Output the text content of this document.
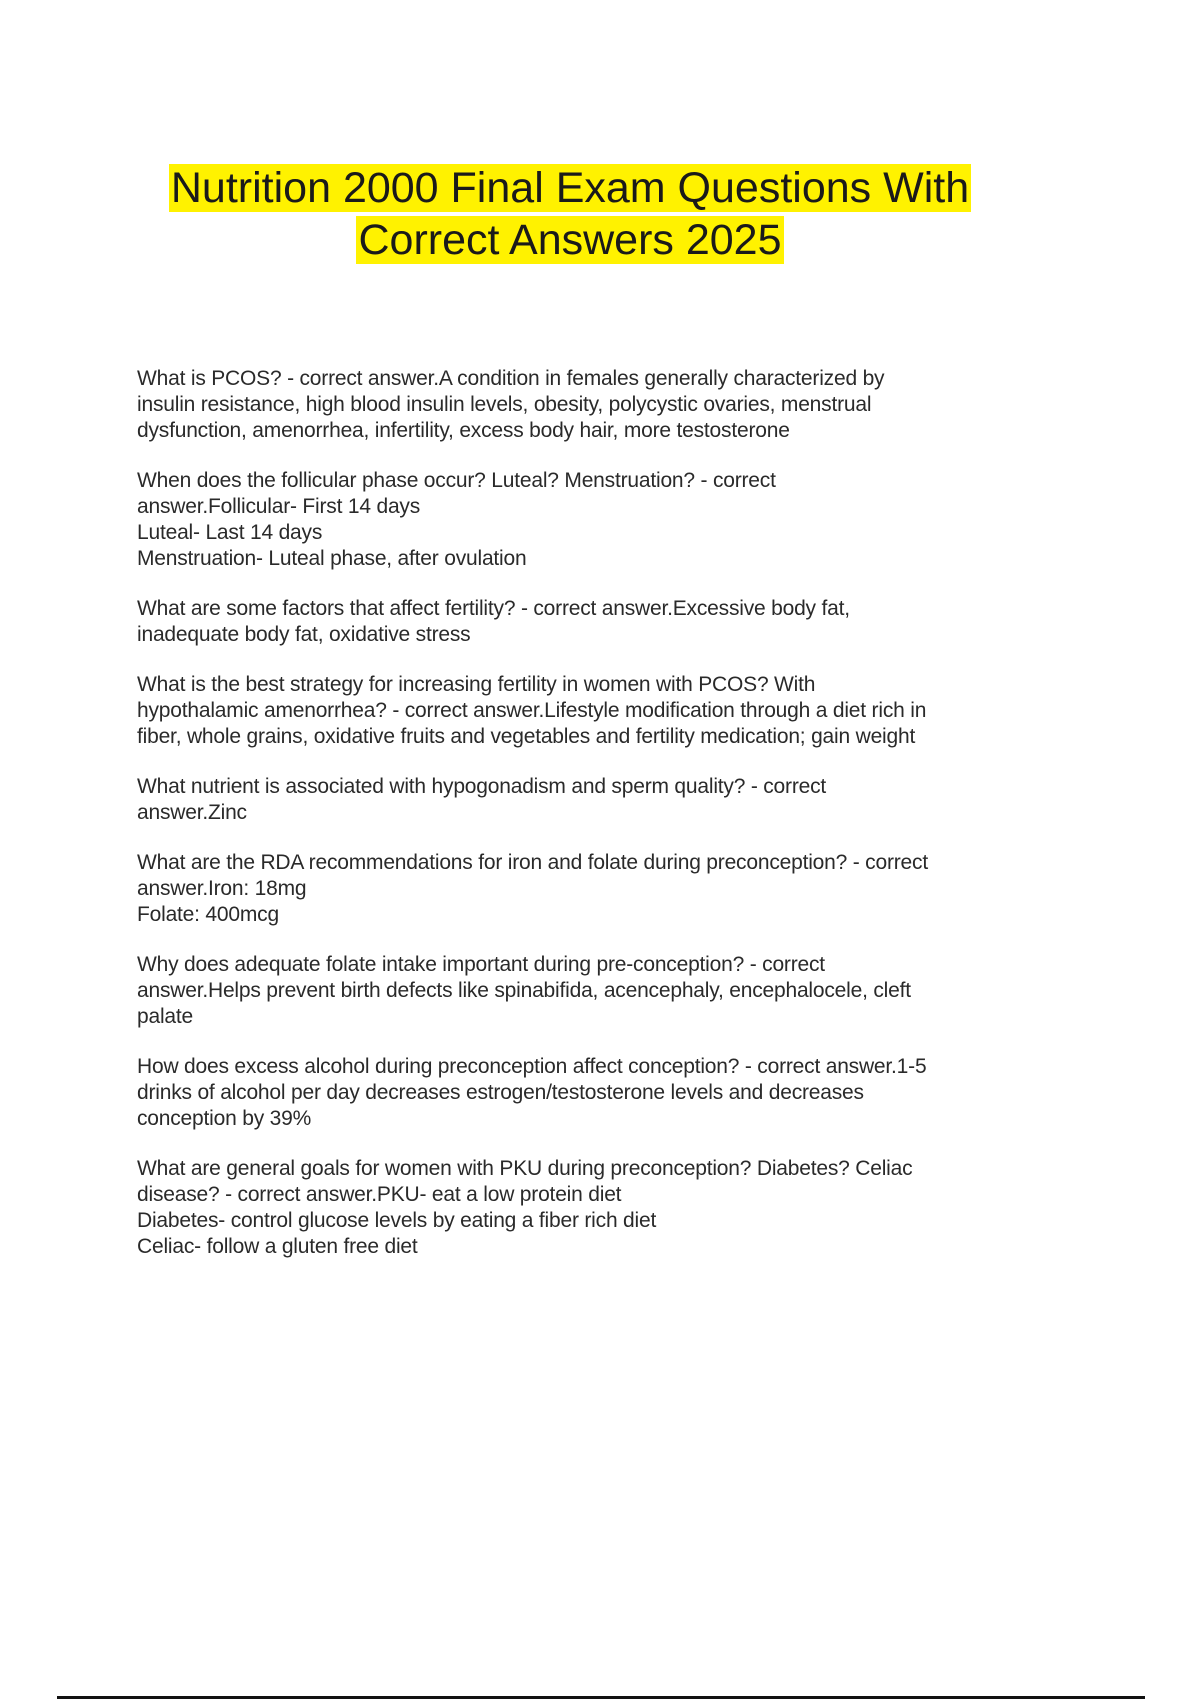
Nutrition 2000 Final Exam Questions With
Correct Answers 2025
What is PCOS? - correct answer.A condition in females generally characterized by
insulin resistance, high blood insulin levels, obesity, polycystic ovaries, menstrual
dysfunction, amenorrhea, infertility, excess body hair, more testosterone
When does the follicular phase occur? Luteal? Menstruation? - correct
answer.Follicular- First 14 days
Luteal- Last 14 days
Menstruation- Luteal phase, after ovulation
What are some factors that affect fertility? - correct answer.Excessive body fat,
inadequate body fat, oxidative stress
What is the best strategy for increasing fertility in women with PCOS? With
hypothalamic amenorrhea? - correct answer.Lifestyle modification through a diet rich in
fiber, whole grains, oxidative fruits and vegetables and fertility medication; gain weight
What nutrient is associated with hypogonadism and sperm quality? - correct
answer.Zinc
What are the RDA recommendations for iron and folate during preconception? - correct
answer.Iron: 18mg
Folate: 400mcg
Why does adequate folate intake important during pre-conception? - correct
answer.Helps prevent birth defects like spinabifida, acencephaly, encephalocele, cleft
palate
How does excess alcohol during preconception affect conception? - correct answer.1-5
drinks of alcohol per day decreases estrogen/testosterone levels and decreases
conception by 39%
What are general goals for women with PKU during preconception? Diabetes? Celiac
disease? - correct answer.PKU- eat a low protein diet
Diabetes- control glucose levels by eating a fiber rich diet
Celiac- follow a gluten free diet
